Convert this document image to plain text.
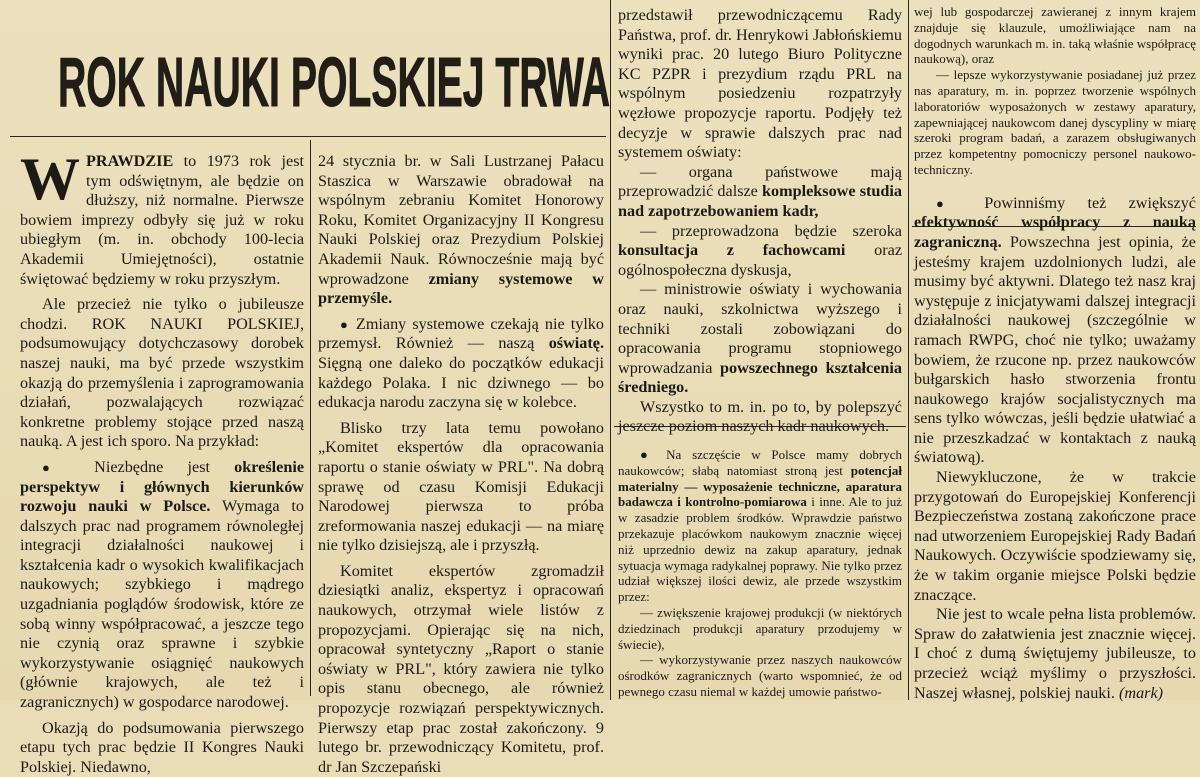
ROK NAUKI POLSKIEJ TRWA

WPRAWDZIE to 1973 rok jest tym odświętnym, ale będzie on dłuższy, niż normalne. Pierwsze bowiem imprezy odbyły się już w roku ubiegłym (m. in. obchody 100-lecia Akademii Umiejętności), ostatnie świętować będziemy w roku przyszłym.

Ale przecież nie tylko o jubileusze chodzi. ROK NAUKI POLSKIEJ, podsumowujący dotychczasowy dorobek naszej nauki, ma być przede wszystkim okazją do przemyślenia i zaprogramowania działań, pozwalających rozwiązać konkretne problemy stojące przed naszą nauką. A jest ich sporo. Na przykład:

● Niezbędne jest określenie perspektyw i głównych kierunków rozwoju nauki w Polsce. Wymaga to dalszych prac nad programem równoległej integracji działalności naukowej i kształcenia kadr o wysokich kwalifikacjach naukowych; szybkiego i mądrego uzgadniania poglądów środowisk, które ze sobą winny współpracować, a jeszcze tego nie czynią oraz sprawne i szybkie wykorzystywanie osiągnięć naukowych (głównie krajowych, ale też i zagranicznych) w gospodarce narodowej.

Okazją do podsumowania pierwszego etapu tych prac będzie II Kongres Nauki Polskiej. Niedawno,

24 stycznia br. w Sali Lustrzanej Pałacu Staszica w Warszawie obradował na wspólnym zebraniu Komitet Honorowy Roku, Komitet Organizacyjny II Kongresu Nauki Polskiej oraz Prezydium Polskiej Akademii Nauk. Równocześnie mają być wprowadzone zmiany systemowe w przemyśle.

● Zmiany systemowe czekają nie tylko przemysł. Również — naszą oświatę. Sięgną one daleko do początków edukacji każdego Polaka. I nic dziwnego — bo edukacja narodu zaczyna się w kolebce.

Blisko trzy lata temu powołano „Komitet ekspertów dla opracowania raportu o stanie oświaty w PRL". Na dobrą sprawę od czasu Komisji Edukacji Narodowej pierwsza to próba zreformowania naszej edukacji — na miarę nie tylko dzisiejszą, ale i przyszłą.

Komitet ekspertów zgromadził dziesiątki analiz, ekspertyz i opracowań naukowych, otrzymał wiele listów z propozycjami. Opierając się na nich, opracował syntetyczny „Raport o stanie oświaty w PRL", który zawiera nie tylko opis stanu obecnego, ale również propozycje rozwiązań perspektywicznych. Pierwszy etap prac został zakończony. 9 lutego br. przewodniczący Komitetu, prof. dr Jan Szczepański

przedstawił przewodniczącemu Rady Państwa, prof. dr. Henrykowi Jabłońskiemu wyniki prac. 20 lutego Biuro Polityczne KC PZPR i prezydium rządu PRL na wspólnym posiedzeniu rozpatrzyły węzłowe propozycje raportu. Podjęły też decyzje w sprawie dalszych prac nad systemem oświaty:

— organa państwowe mają przeprowadzić dalsze kompleksowe studia nad zapotrzebowaniem kadr,

— przeprowadzona będzie szeroka konsultacja z fachowcami oraz ogólnospołeczna dyskusja,

— ministrowie oświaty i wychowania oraz nauki, szkolnictwa wyższego i techniki zostali zobowiązani do opracowania programu stopniowego wprowadzania powszechnego kształcenia średniego.

Wszystko to m. in. po to, by polepszyć jeszcze poziom naszych kadr naukowych.

● Na szczęście w Polsce mamy dobrych naukowców; słabą natomiast stroną jest potencjał materialny — wyposażenie techniczne, aparatura badawcza i kontrolno-pomiarowa i inne. Ale to już w zasadzie problem środków. Wprawdzie państwo przekazuje placówkom naukowym znacznie więcej niż uprzednio dewiz na zakup aparatury, jednak sytuacja wymaga radykalnej poprawy. Nie tylko przez udział większej ilości dewiz, ale przede wszystkim przez:

— zwiększenie krajowej produkcji (w niektórych dziedzinach produkcji aparatury przodujemy w świecie),

— wykorzystywanie przez naszych naukowców ośrodków zagranicznych (warto wspomnieć, że od pewnego czasu niemal w każdej umowie państwo-

wej lub gospodarczej zawieranej z innym krajem znajduje się klauzule, umożliwiające nam na dogodnych warunkach m. in. taką właśnie współpracę naukową), oraz

— lepsze wykorzystywanie posiadanej już przez nas aparatury, m. in. poprzez tworzenie wspólnych laboratoriów wyposażonych w zestawy aparatury, zapewniającej naukowcom danej dyscypliny w miarę szeroki program badań, a zarazem obsługiwanych przez kompetentny pomocniczy personel naukowo-techniczny.

● Powinniśmy też zwiększyć efektywność współpracy z nauką zagraniczną. Powszechna jest opinia, że jesteśmy krajem uzdolnionych ludzi, ale musimy być aktywni. Dlatego też nasz kraj występuje z inicjatywami dalszej integracji działalności naukowej (szczególnie w ramach RWPG, choć nie tylko; uważamy bowiem, że rzucone np. przez naukowców bułgarskich hasło stworzenia frontu naukowego krajów socjalistycznych ma sens tylko wówczas, jeśli będzie ułatwiać a nie przeszkadzać w kontaktach z nauką światową).

Niewykluczone, że w trakcie przygotowań do Europejskiej Konferencji Bezpieczeństwa zostaną zakończone prace nad utworzeniem Europejskiej Rady Badań Naukowych. Oczywiście spodziewamy się, że w takim organie miejsce Polski będzie znaczące.

Nie jest to wcale pełna lista problemów. Spraw do załatwienia jest znacznie więcej. I choć z dumą świętujemy jubileusze, to przecież wciąż myślimy o przyszłości. Naszej własnej, polskiej nauki. (mark)
